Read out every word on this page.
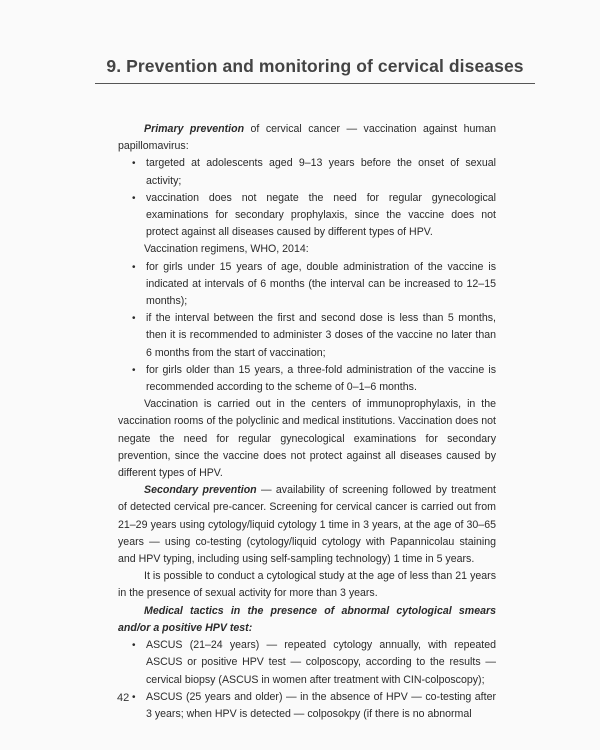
9. Prevention and monitoring of cervical diseases
Primary prevention of cervical cancer — vaccination against human papillomavirus:
• targeted at adolescents aged 9–13 years before the onset of sexual activity;
• vaccination does not negate the need for regular gynecological examinations for secondary prophylaxis, since the vaccine does not protect against all diseases caused by different types of HPV.
Vaccination regimens, WHO, 2014:
• for girls under 15 years of age, double administration of the vaccine is indicated at intervals of 6 months (the interval can be increased to 12–15 months);
• if the interval between the first and second dose is less than 5 months, then it is recommended to administer 3 doses of the vaccine no later than 6 months from the start of vaccination;
• for girls older than 15 years, a three-fold administration of the vaccine is recommended according to the scheme of 0–1–6 months.
Vaccination is carried out in the centers of immunoprophylaxis, in the vaccination rooms of the polyclinic and medical institutions. Vaccination does not negate the need for regular gynecological examinations for secondary prevention, since the vaccine does not protect against all diseases caused by different types of HPV.
Secondary prevention — availability of screening followed by treatment of detected cervical pre-cancer. Screening for cervical cancer is carried out from 21–29 years using cytology/liquid cytology 1 time in 3 years, at the age of 30–65 years — using co-testing (cytology/liquid cytology with Papannicolau staining and HPV typing, including using self-sampling technology) 1 time in 5 years.
It is possible to conduct a cytological study at the age of less than 21 years in the presence of sexual activity for more than 3 years.
Medical tactics in the presence of abnormal cytological smears and/or a positive HPV test:
• ASCUS (21–24 years) — repeated cytology annually, with repeated ASCUS or positive HPV test — colposcopy, according to the results — cervical biopsy (ASCUS in women after treatment with CIN-colposcopy);
• ASCUS (25 years and older) — in the absence of HPV — co-testing after 3 years; when HPV is detected — colposokpy (if there is no abnormal
42
